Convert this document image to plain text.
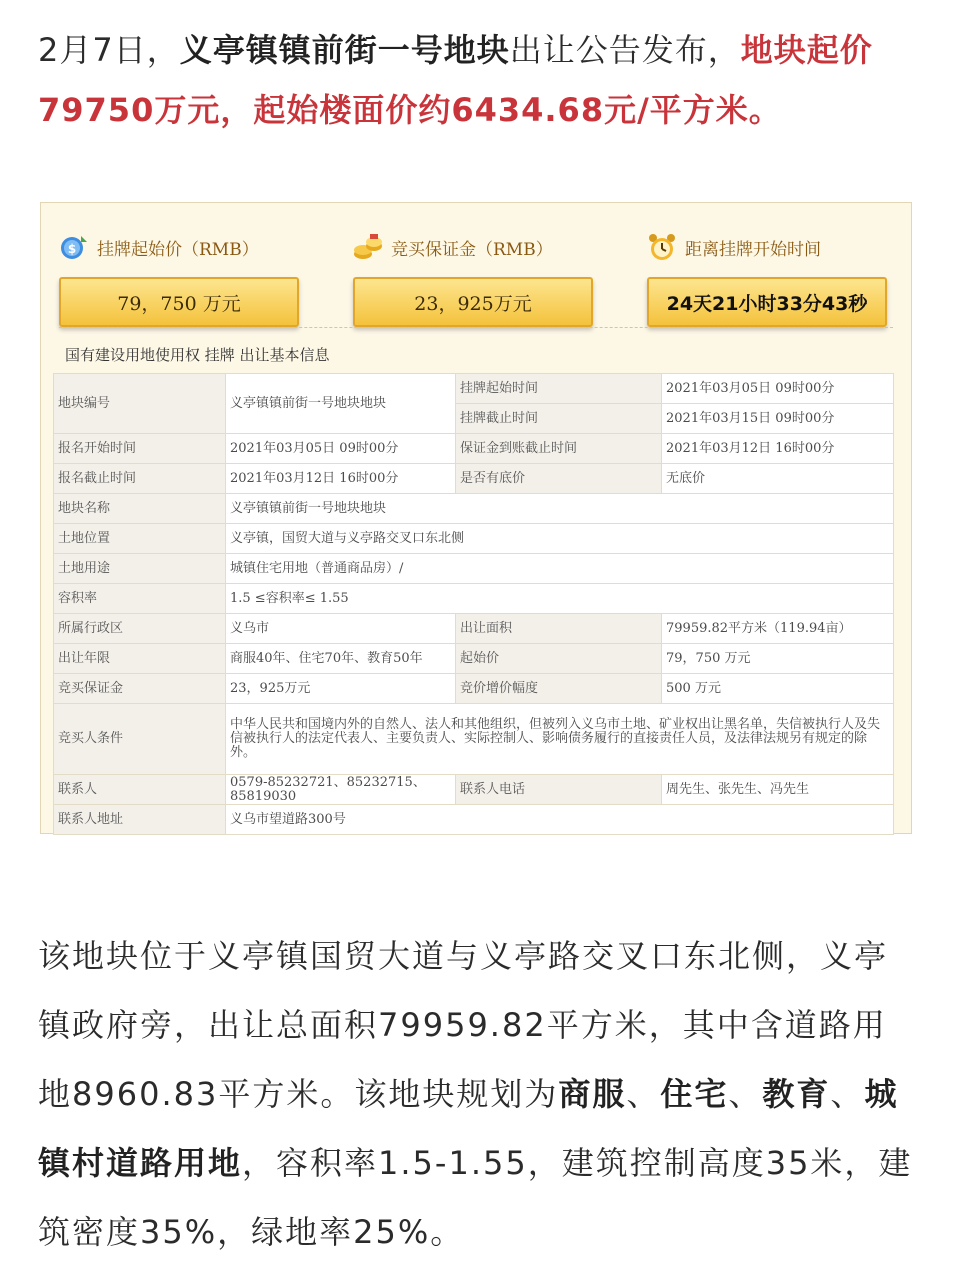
2月7日，义亭镇镇前街一号地块出让公告发布，地块起价79750万元，起始楼面价约6434.68元/平方米。

$ 挂牌起始价（RMB）
79，750 万元
竞买保证金（RMB）
23，925万元
距离挂牌开始时间
24天21小时33分43秒
国有建设用地使用权 挂牌 出让基本信息
地块编号	义亭镇镇前街一号地块地块	挂牌起始时间	2021年03月05日 09时00分
		挂牌截止时间	2021年03月15日 09时00分
报名开始时间	2021年03月05日 09时00分	保证金到账截止时间	2021年03月12日 16时00分
报名截止时间	2021年03月12日 16时00分	是否有底价	无底价
地块名称	义亭镇镇前街一号地块地块		
土地位置	义亭镇，国贸大道与义亭路交叉口东北侧		
土地用途	城镇住宅用地（普通商品房）/		
容积率	1.5 ≤容积率≤ 1.55		
所属行政区	义乌市	出让面积	79959.82平方米（119.94亩）
出让年限	商服40年、住宅70年、教育50年	起始价	79，750 万元
竞买保证金	23，925万元	竞价增价幅度	500 万元
竞买人条件	中华人民共和国境内外的自然人、法人和其他组织，但被列入义乌市土地、矿业权出让黑名单，失信被执行人及失信被执行人的法定代表人、主要负责人、实际控制人、影响债务履行的直接责任人员，及法律法规另有规定的除外。		
联系人	0579-85232721、85232715、85819030	联系人电话	周先生、张先生、冯先生
联系人地址	义乌市望道路300号		

该地块位于义亭镇国贸大道与义亭路交叉口东北侧，义亭镇政府旁，出让总面积79959.82平方米，其中含道路用地8960.83平方米。该地块规划为商服、住宅、教育、城镇村道路用地，容积率1.5-1.55，建筑控制高度35米，建筑密度35%，绿地率25%。
